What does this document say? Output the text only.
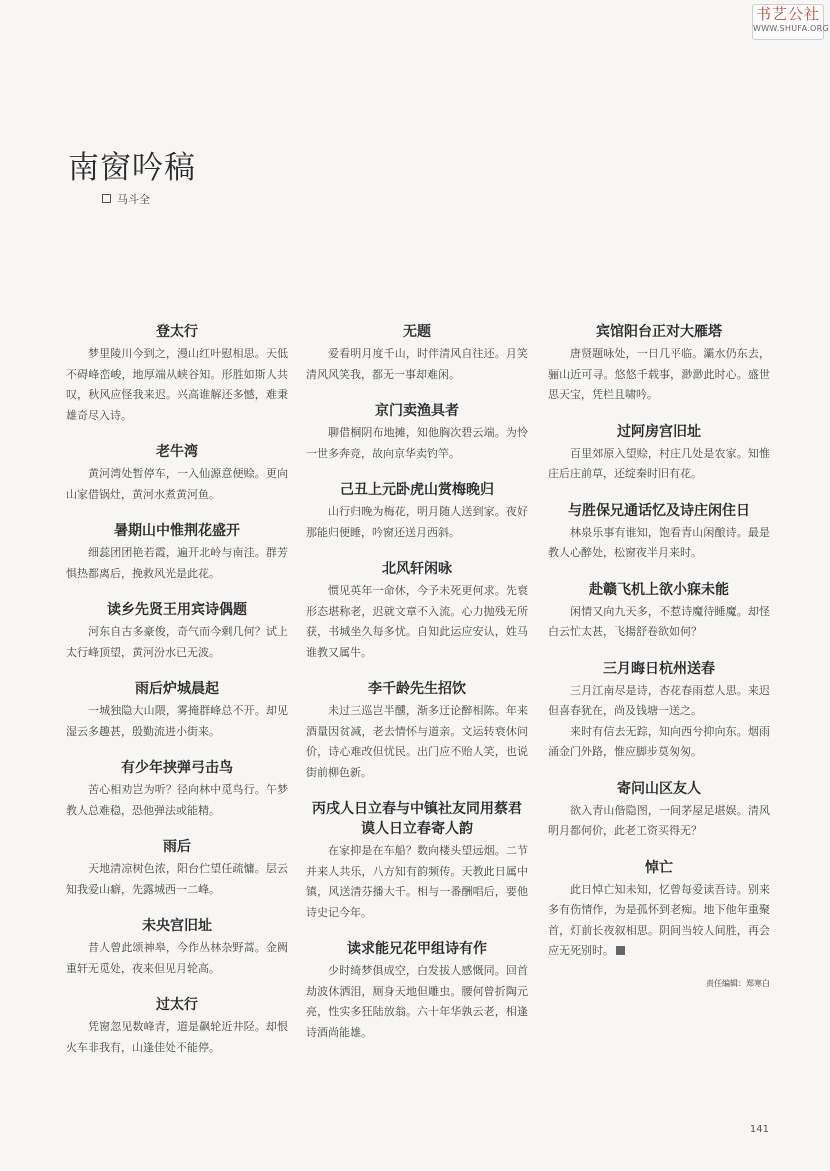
书艺公社
WWW.SHUFA.ORG
南窗吟稿
马斗全
登太行
梦里陵川今到之，漫山红叶慰相思。天低不碍峰峦峻，地厚端从峡谷知。形胜如斯人共叹，秋风应怪我来迟。兴高谁解还多憾，难秉雄奇尽入诗。
老牛湾
黄河湾处暂停车，一入仙源意便赊。更向山家借锅灶，黄河水煮黄河鱼。
暑期山中惟荆花盛开
细蕊团团艳若霞，遍开北岭与南洼。群芳惧热都离后，挽救风光是此花。
读乡先贤王用宾诗偶题
河东自古多豪俊，奇气而今剩几何？试上太行峰顶望，黄河汾水已无波。
雨后炉城晨起
一城独隐大山隈，雾掩群峰总不开。却见湿云多趣甚，殷勤流进小街来。
有少年挟弹弓击鸟
苦心相劝岂为听？径向林中觅鸟行。午梦教人总难稳，恐他弹法或能精。
雨后
天地清凉树色浓，阳台伫望任疏慵。层云知我爱山癖，先露城西一二峰。
未央宫旧址
昔人曾此颂神皋，今作丛林杂野蒿。金阙重轩无觅处，夜来但见月轮高。
过太行
凭窗忽见数峰青，道是飙轮近井陉。却恨火车非我有，山逢佳处不能停。
无题
爱看明月度千山，时伴清风自往还。月笑清风风笑我，都无一事却难闲。
京门卖渔具者
聊借桐阴布地摊，知他胸次碧云端。为怜一世多奔竞，故向京华卖钓竿。
己丑上元卧虎山赏梅晚归
山行归晚为梅花，明月随人送到家。夜好那能归便睡，吟窗还送月西斜。
北风轩闲咏
惯见英年一命休，今予未死更何求。先衰形态堪称老，迟就文章不入流。心力抛残无所获，书城坐久每多忧。自知此运应安认，姓马谁教又属牛。
李千龄先生招饮
未过三巡岂半醺，渐多迂论醉相陈。年来酒量因贫减，老去情怀与道亲。文运转衰休问价，诗心难改但忧民。出门应不贻人笑，也说街前柳色新。
丙戌人日立春与中镇社友同用蔡君谟人日立春寄人韵
在家抑是在车船？数向楼头望远烟。二节并来人共乐，八方知有韵频传。天教此日属中镇，风送清芬播大千。相与一番酬唱后，要他诗史记今年。
读求能兄花甲组诗有作
少时绮梦俱成空，白发拔人感慨同。回首劫波休洒泪，厕身天地但雕虫。腰何曾折陶元亮，性实多狂陆放翁。六十年华孰云老，相逢诗酒尚能雄。
宾馆阳台正对大雁塔
唐贤题咏处，一日几平临。灞水仍东去，骊山近可寻。悠悠千载事，渺渺此时心。盛世思天宝，凭栏且啸吟。
过阿房宫旧址
百里郊原入望赊，村庄几处是农家。知惟庄后庄前草，还绽秦时旧有花。
与胜保兄通话忆及诗庄闲住日
林泉乐事有谁知，饱看青山闲酿诗。最是教人心醉处，松窗夜半月来时。
赴赣飞机上欲小寐未能
闲情又向九天多，不惹诗魔待睡魔。却怪白云忙太甚，飞揚舒卷欲如何？
三月晦日杭州送春
三月江南尽是诗，杏花春雨惹人思。来迟但喜春犹在，尚及钱塘一送之。
来时有信去无踪，知向西兮抑向东。烟雨涌金门外路，惟应脚步莫匆匆。
寄问山区友人
欲入青山偕隐图，一间茅屋足堪娱。清风明月都何价，此老工资买得无？
悼亡
此日悼亡知未知，忆曾每爱读吾诗。别来多有伤情作，为是孤怀到老痴。地下他年重聚首，灯前长夜叙相思。阴间当较人间胜，再会应无死别时。
责任编辑：郑寒白
141
